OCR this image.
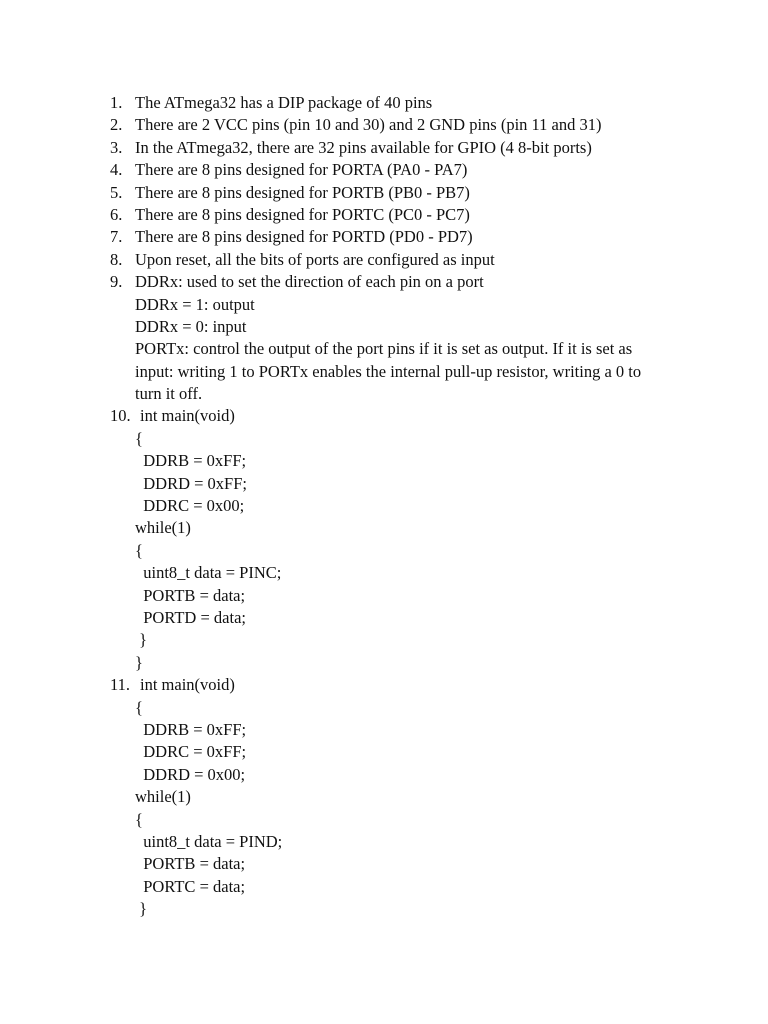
1.

The ATmega32 has a DIP package of 40 pins

2.

There are 2 VCC pins (pin 10 and 30) and 2 GND pins (pin 11 and 31)

3.

In the ATmega32, there are 32 pins available for GPIO (4 8-bit ports)

4.

There are 8 pins designed for PORTA (PA0 - PA7)

5.

There are 8 pins designed for PORTB (PB0 - PB7)

6.

There are 8 pins designed for PORTC (PC0 - PC7)

7.

There are 8 pins designed for PORTD (PD0 - PD7)

8.

Upon reset, all the bits of ports are configured as input

9.

DDRx: used to set the direction of each pin on a port

DDRx = 1: output

DDRx = 0: input

PORTx: control the output of the port pins if it is set as output. If it is set as

input: writing 1 to PORTx enables the internal pull-up resistor, writing a 0 to

turn it off.

10.

int main(void)

{
DDRB = 0xFF;
DDRD = 0xFF;
DDRC = 0x00;
while(1)
{
uint8_t data = PINC;
PORTB = data;
PORTD = data;
}
}

11.

int main(void)

{
DDRB = 0xFF;
DDRC = 0xFF;
DDRD = 0x00;
while(1)
{
uint8_t data = PIND;
PORTB = data;
PORTC = data;
}
